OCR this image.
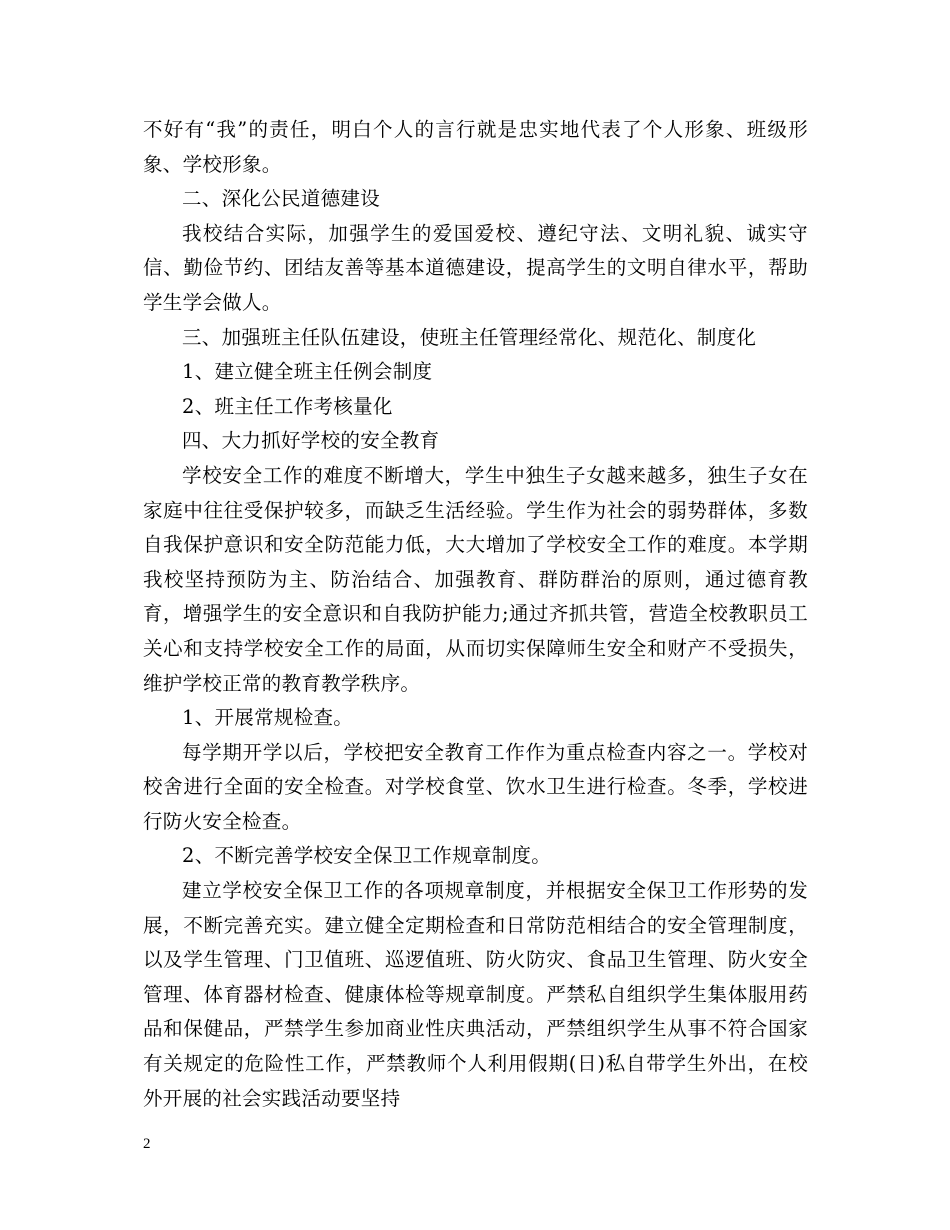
不好有“我”的责任，明白个人的言行就是忠实地代表了个人形象、班级形象、学校形象。

二、深化公民道德建设

我校结合实际，加强学生的爱国爱校、遵纪守法、文明礼貌、诚实守信、勤俭节约、团结友善等基本道德建设，提高学生的文明自律水平，帮助学生学会做人。

三、加强班主任队伍建设，使班主任管理经常化、规范化、制度化

1、建立健全班主任例会制度

2、班主任工作考核量化

四、大力抓好学校的安全教育

学校安全工作的难度不断增大，学生中独生子女越来越多，独生子女在家庭中往往受保护较多，而缺乏生活经验。学生作为社会的弱势群体，多数自我保护意识和安全防范能力低，大大增加了学校安全工作的难度。本学期我校坚持预防为主、防治结合、加强教育、群防群治的原则，通过德育教育，增强学生的安全意识和自我防护能力;通过齐抓共管，营造全校教职员工关心和支持学校安全工作的局面，从而切实保障师生安全和财产不受损失，维护学校正常的教育教学秩序。

1、开展常规检查。

每学期开学以后，学校把安全教育工作作为重点检查内容之一。学校对校舍进行全面的安全检查。对学校食堂、饮水卫生进行检查。冬季，学校进行防火安全检查。

2、不断完善学校安全保卫工作规章制度。

建立学校安全保卫工作的各项规章制度，并根据安全保卫工作形势的发展，不断完善充实。建立健全定期检查和日常防范相结合的安全管理制度，以及学生管理、门卫值班、巡逻值班、防火防灾、食品卫生管理、防火安全管理、体育器材检查、健康体检等规章制度。严禁私自组织学生集体服用药品和保健品，严禁学生参加商业性庆典活动，严禁组织学生从事不符合国家有关规定的危险性工作，严禁教师个人利用假期(日)私自带学生外出，在校外开展的社会实践活动要坚持

2
